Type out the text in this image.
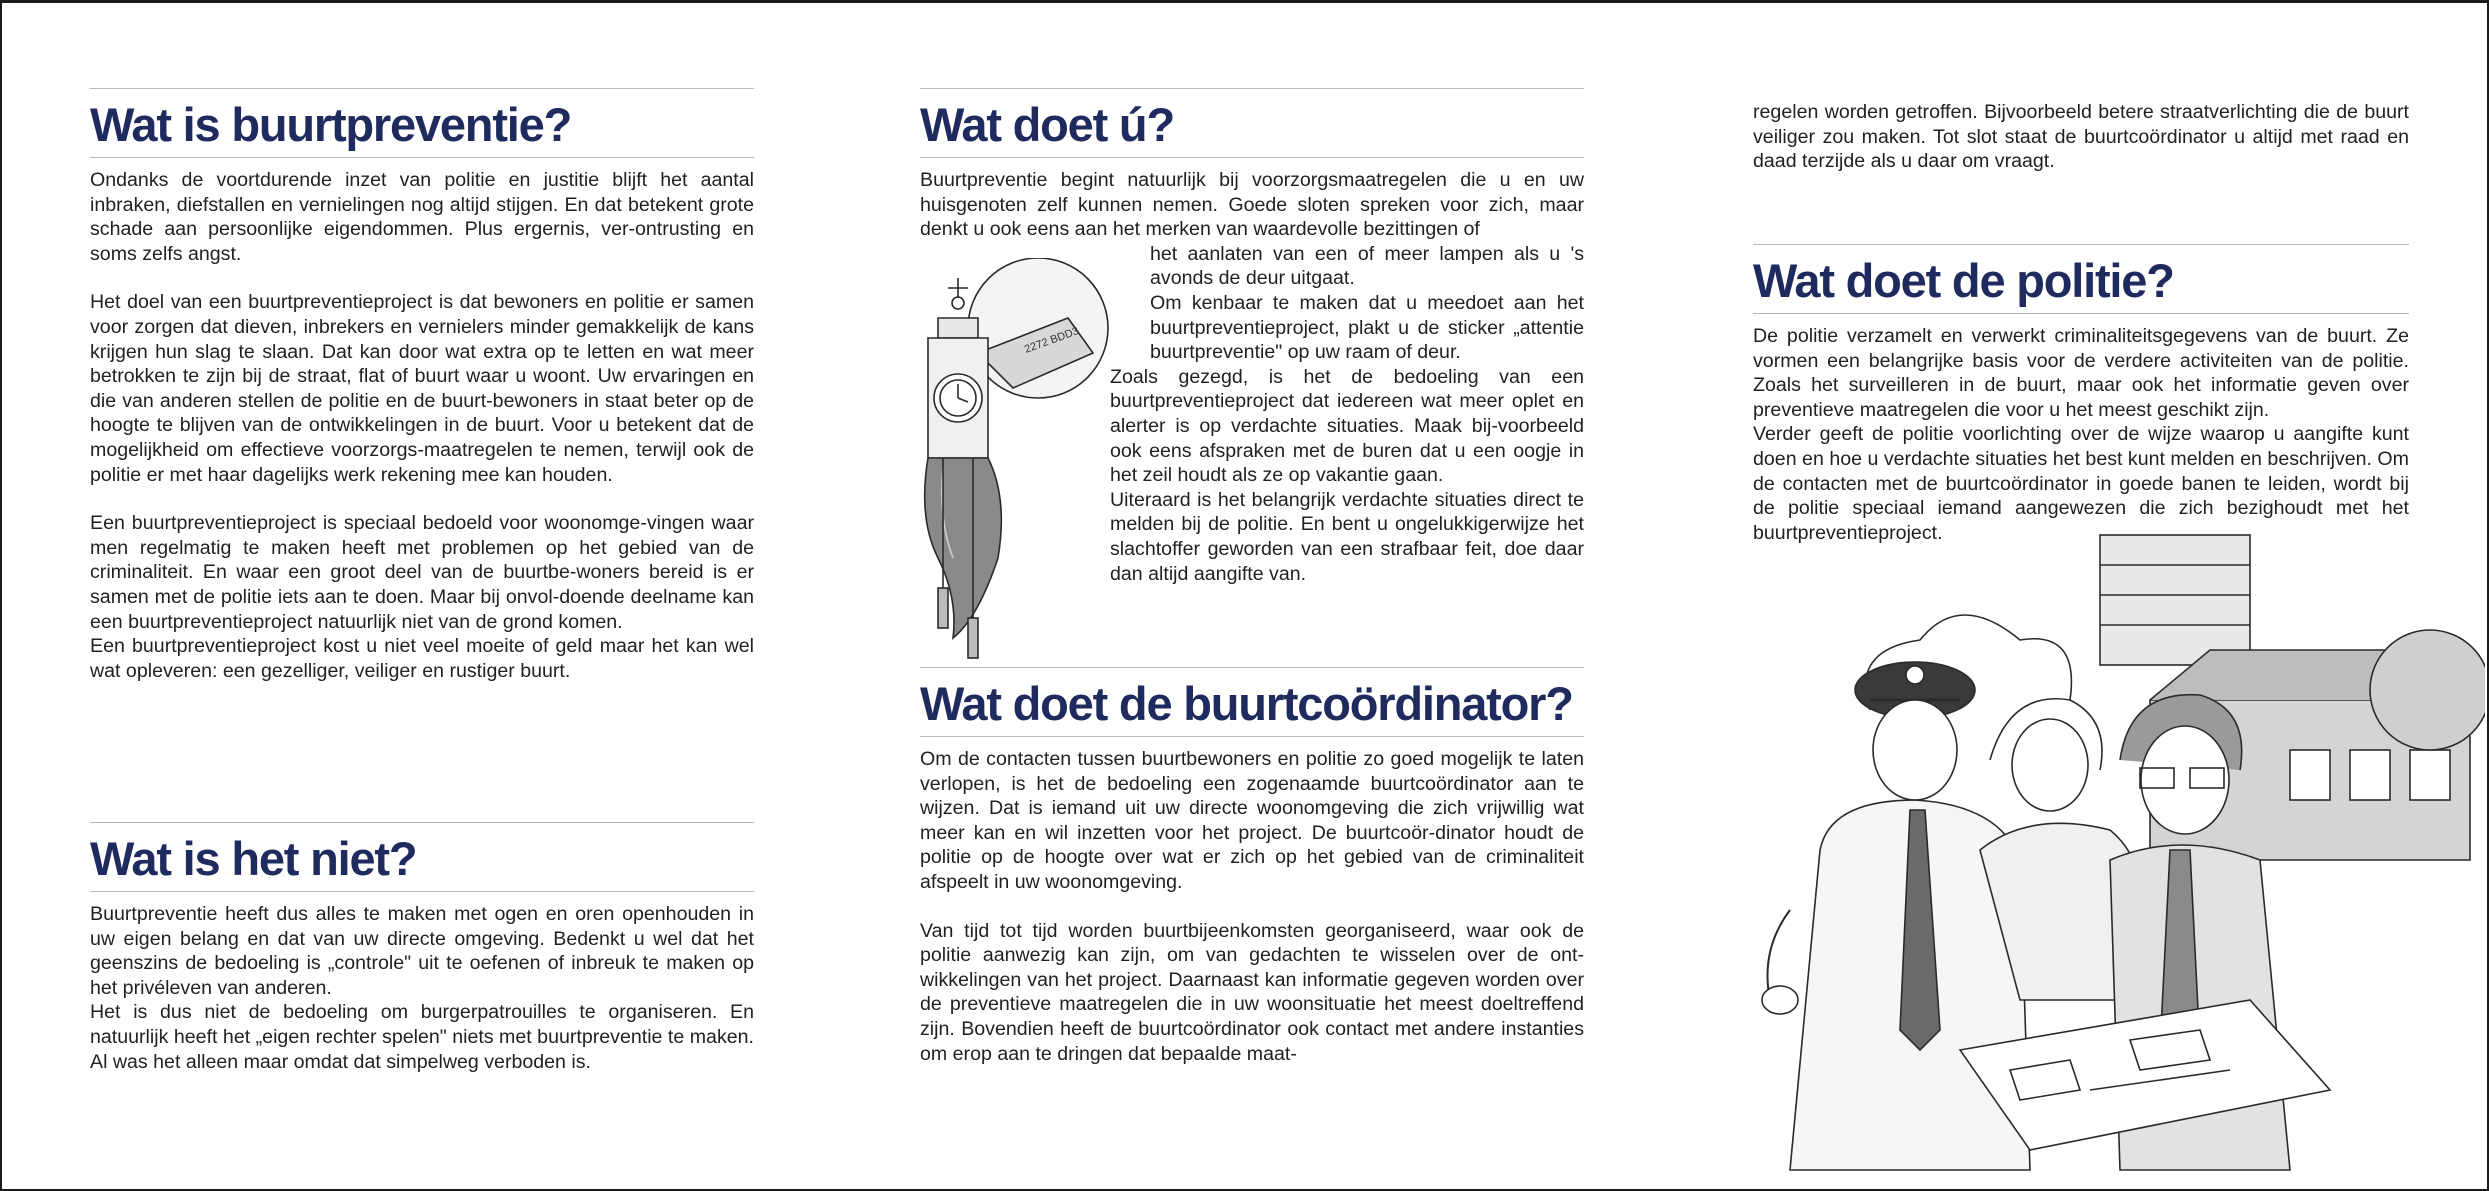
Wat is buurtpreventie?

Ondanks de voortdurende inzet van politie en justitie blijft het aantal inbraken, diefstallen en vernielingen nog altijd stijgen. En dat betekent grote schade aan persoonlijke eigendommen. Plus ergernis, ver-ontrusting en soms zelfs angst.

Het doel van een buurtpreventieproject is dat bewoners en politie er samen voor zorgen dat dieven, inbrekers en vernielers minder gemakkelijk de kans krijgen hun slag te slaan. Dat kan door wat extra op te letten en wat meer betrokken te zijn bij de straat, flat of buurt waar u woont. Uw ervaringen en die van anderen stellen de politie en de buurt-bewoners in staat beter op de hoogte te blijven van de ontwikkelingen in de buurt. Voor u betekent dat de mogelijkheid om effectieve voorzorgs-maatregelen te nemen, terwijl ook de politie er met haar dagelijks werk rekening mee kan houden.

Een buurtpreventieproject is speciaal bedoeld voor woonomge-vingen waar men regelmatig te maken heeft met problemen op het gebied van de criminaliteit. En waar een groot deel van de buurtbe-woners bereid is er samen met de politie iets aan te doen. Maar bij onvol-doende deelname kan een buurtpreventieproject natuurlijk niet van de grond komen.

Een buurtpreventieproject kost u niet veel moeite of geld maar het kan wel wat opleveren: een gezelliger, veiliger en rustiger buurt.

Wat is het niet?

Buurtpreventie heeft dus alles te maken met ogen en oren openhouden in uw eigen belang en dat van uw directe omgeving. Bedenkt u wel dat het geenszins de bedoeling is „controle" uit te oefenen of inbreuk te maken op het privéleven van anderen.

Het is dus niet de bedoeling om burgerpatrouilles te organiseren. En natuurlijk heeft het „eigen rechter spelen" niets met buurtpreventie te maken. Al was het alleen maar omdat dat simpelweg verboden is.

Wat doet ú?

Buurtpreventie begint natuurlijk bij voorzorgsmaatregelen die u en uw huisgenoten zelf kunnen nemen. Goede sloten spreken voor zich, maar denkt u ook eens aan het merken van waardevolle bezittingen of

het aanlaten van een of meer lampen als u 's avonds de deur uitgaat.

Om kenbaar te maken dat u meedoet aan het buurtpreventieproject, plakt u de sticker „attentie buurtpreventie" op uw raam of deur.

Zoals gezegd, is het de bedoeling van een buurtpreventieproject dat iedereen wat meer oplet en alerter is op verdachte situaties. Maak bij-voorbeeld ook eens afspraken met de buren dat u een oogje in het zeil houdt als ze op vakantie gaan.

Uiteraard is het belangrijk verdachte situaties direct te melden bij de politie. En bent u ongelukkigerwijze het slachtoffer geworden van een strafbaar feit, doe daar dan altijd aangifte van.

2272 BDD3
Wat doet de buurtcoördinator?

Om de contacten tussen buurtbewoners en politie zo goed mogelijk te laten verlopen, is het de bedoeling een zogenaamde buurtcoördinator aan te wijzen. Dat is iemand uit uw directe woonomgeving die zich vrijwillig wat meer kan en wil inzetten voor het project. De buurtcoör-dinator houdt de politie op de hoogte over wat er zich op het gebied van de criminaliteit afspeelt in uw woonomgeving.

Van tijd tot tijd worden buurtbijeenkomsten georganiseerd, waar ook de politie aanwezig kan zijn, om van gedachten te wisselen over de ont-wikkelingen van het project. Daarnaast kan informatie gegeven worden over de preventieve maatregelen die in uw woonsituatie het meest doeltreffend zijn. Bovendien heeft de buurtcoördinator ook contact met andere instanties om erop aan te dringen dat bepaalde maat-

regelen worden getroffen. Bijvoorbeeld betere straatverlichting die de buurt veiliger zou maken. Tot slot staat de buurtcoördinator u altijd met raad en daad terzijde als u daar om vraagt.

Wat doet de politie?

De politie verzamelt en verwerkt criminaliteitsgegevens van de buurt. Ze vormen een belangrijke basis voor de verdere activiteiten van de politie. Zoals het surveilleren in de buurt, maar ook het informatie geven over preventieve maatregelen die voor u het meest geschikt zijn.

Verder geeft de politie voorlichting over de wijze waarop u aangifte kunt doen en hoe u verdachte situaties het best kunt melden en beschrijven. Om de contacten met de buurtcoördinator in goede banen te leiden, wordt bij de politie speciaal iemand aangewezen die zich bezighoudt met het buurtpreventieproject.
